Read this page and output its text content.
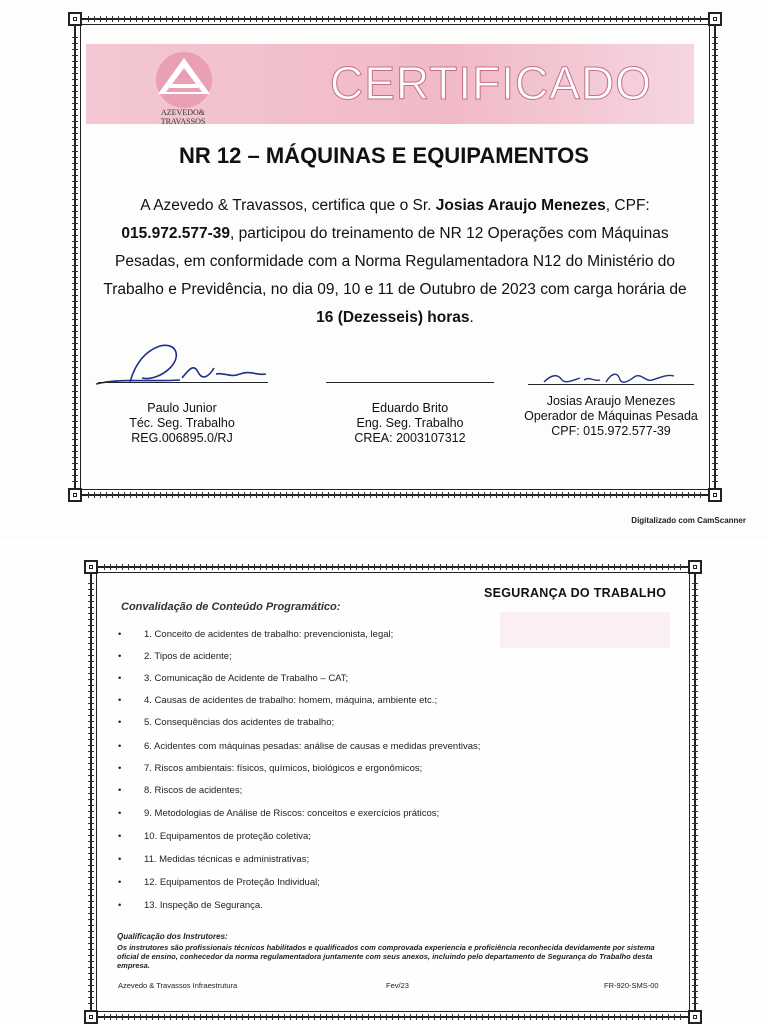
AZEVEDO&
TRAVASSOS
CERTIFICADO
NR 12 – MÁQUINAS E EQUIPAMENTOS
A Azevedo & Travassos, certifica que o Sr. Josias Araujo Menezes, CPF: 015.972.577-39, participou do treinamento de NR 12 Operações com Máquinas Pesadas, em conformidade com a Norma Regulamentadora N12 do Ministério do Trabalho e Previdência, no dia 09, 10 e 11 de Outubro de 2023 com carga horária de 16 (Dezesseis) horas.
Paulo Junior
Téc. Seg. Trabalho
REG.006895.0/RJ
Eduardo Brito
Eng. Seg. Trabalho
CREA: 2003107312
Josias Araujo Menezes
Operador de Máquinas Pesada
CPF: 015.972.577-39
Digitalizado com CamScanner
SEGURANÇA DO TRABALHO
Convalidação de Conteúdo Programático:
• 1. Conceito de acidentes de trabalho: prevencionista, legal;
• 2. Tipos de acidente;
• 3. Comunicação de Acidente de Trabalho – CAT;
• 4. Causas de acidentes de trabalho: homem, máquina, ambiente etc.;
• 5. Consequências dos acidentes de trabalho;
• 6. Acidentes com máquinas pesadas: análise de causas e medidas preventivas;
• 7. Riscos ambientais: físicos, químicos, biológicos e ergonômicos;
• 8. Riscos de acidentes;
• 9. Metodologias de Análise de Riscos: conceitos e exercícios práticos;
• 10. Equipamentos de proteção coletiva;
• 11. Medidas técnicas e administrativas;
• 12. Equipamentos de Proteção Individual;
• 13. Inspeção de Segurança.
Qualificação dos Instrutores:
Os instrutores são profissionais técnicos habilitados e qualificados com comprovada experiencia e proficiência reconhecida devidamente por sistema oficial de ensino, conhecedor da norma regulamentadora juntamente com seus anexos, incluindo pelo departamento de Segurança do Trabalho desta empresa.
Azevedo & Travassos Infraestrutura	Fev/23	FR-920-SMS-00
